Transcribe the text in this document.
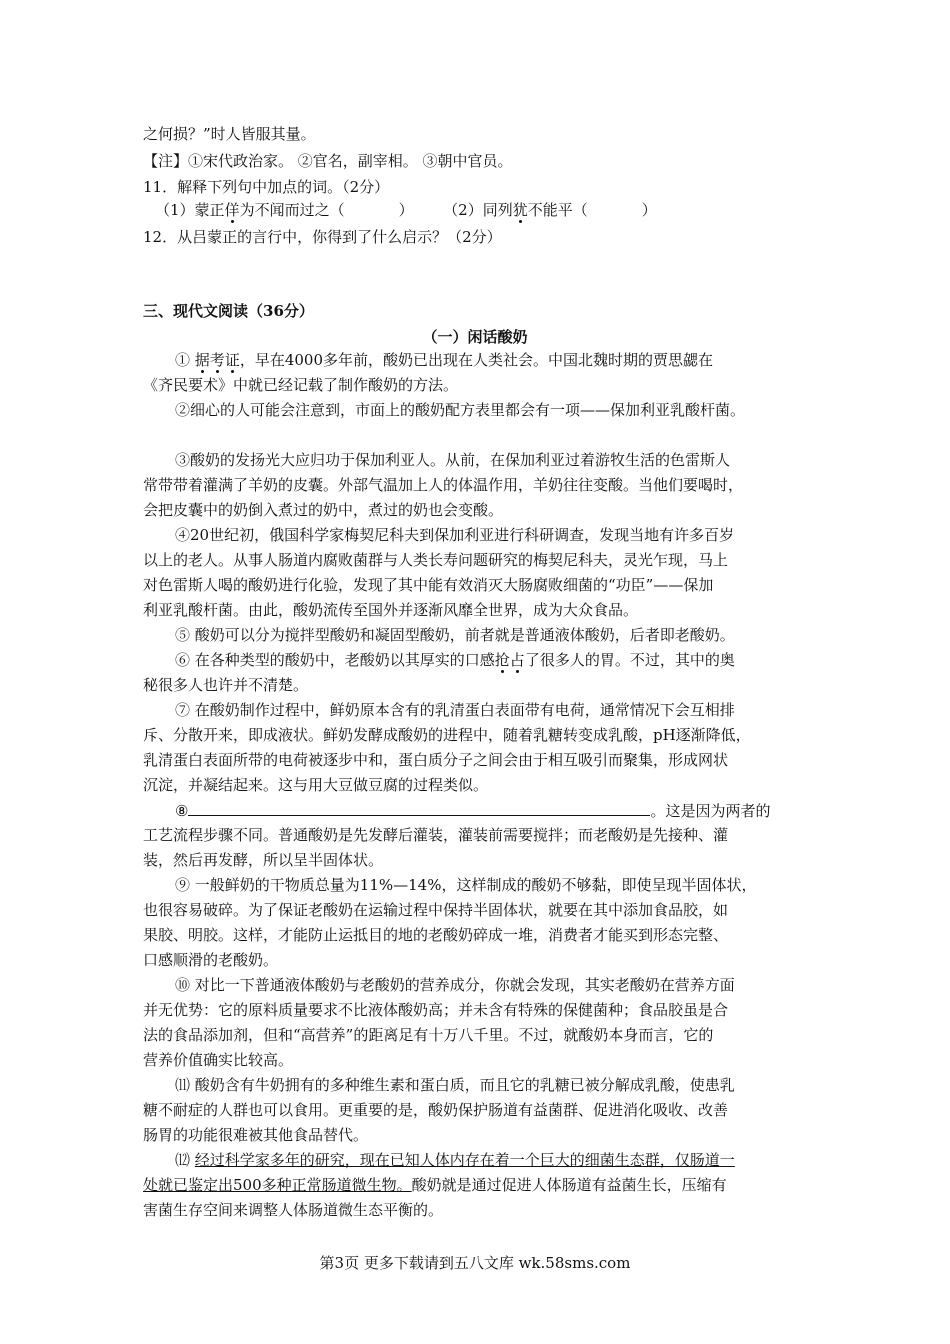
之何损？”时人皆服其量。
【注】①宋代政治家。 ②官名，副宰相。 ③朝中官员。
11．解释下列句中加点的词。（2分）
（1）蒙正佯为不闻而过之（	） （2）同列犹不能平（	）
12．从吕蒙正的言行中，你得到了什么启示？（2分）
三、现代文阅读（36分）
（一）闲话酸奶
① 据考证，早在4000多年前，酸奶已出现在人类社会。中国北魏时期的贾思勰在
《齐民要术》中就已经记载了制作酸奶的方法。
②细心的人可能会注意到，市面上的酸奶配方表里都会有一项——保加利亚乳酸杆菌。
③酸奶的发扬光大应归功于保加利亚人。从前，在保加利亚过着游牧生活的色雷斯人
常带带着灌满了羊奶的皮囊。外部气温加上人的体温作用，羊奶往往变酸。当他们要喝时，
会把皮囊中的奶倒入煮过的奶中，煮过的奶也会变酸。
④20世纪初，俄国科学家梅契尼科夫到保加利亚进行科研调查，发现当地有许多百岁
以上的老人。从事人肠道内腐败菌群与人类长寿问题研究的梅契尼科夫，灵光乍现，马上
对色雷斯人喝的酸奶进行化验，发现了其中能有效消灭大肠腐败细菌的“功臣”——保加
利亚乳酸杆菌。由此，酸奶流传至国外并逐渐风靡全世界，成为大众食品。
⑤ 酸奶可以分为搅拌型酸奶和凝固型酸奶，前者就是普通液体酸奶，后者即老酸奶。
⑥ 在各种类型的酸奶中，老酸奶以其厚实的口感抢占了很多人的胃。不过，其中的奥
秘很多人也许并不清楚。
⑦ 在酸奶制作过程中，鲜奶原本含有的乳清蛋白表面带有电荷，通常情况下会互相排
斥、分散开来，即成液状。鲜奶发酵成酸奶的进程中，随着乳糖转变成乳酸，pH逐渐降低，
乳清蛋白表面所带的电荷被逐步中和，蛋白质分子之间会由于相互吸引而聚集，形成网状
沉淀，并凝结起来。这与用大豆做豆腐的过程类似。
⑧	。这是因为两者的
工艺流程步骤不同。普通酸奶是先发酵后灌装，灌装前需要搅拌；而老酸奶是先接种、灌
装，然后再发酵，所以呈半固体状。
⑨ 一般鲜奶的干物质总量为11%—14%，这样制成的酸奶不够黏，即使呈现半固体状，
也很容易破碎。为了保证老酸奶在运输过程中保持半固体状，就要在其中添加食品胶，如
果胶、明胶。这样，才能防止运抵目的地的老酸奶碎成一堆，消费者才能买到形态完整、
口感顺滑的老酸奶。
⑩ 对比一下普通液体酸奶与老酸奶的营养成分，你就会发现，其实老酸奶在营养方面
并无优势：它的原料质量要求不比液体酸奶高；并未含有特殊的保健菌种；食品胶虽是合
法的食品添加剂，但和“高营养”的距离足有十万八千里。不过，就酸奶本身而言，它的
营养价值确实比较高。
⑾ 酸奶含有牛奶拥有的多种维生素和蛋白质，而且它的乳糖已被分解成乳酸，使患乳
糖不耐症的人群也可以食用。更重要的是，酸奶保护肠道有益菌群、促进消化吸收、改善
肠胃的功能很难被其他食品替代。
⑿ 经过科学家多年的研究，现在已知人体内存在着一个巨大的细菌生态群，仅肠道一
处就已鉴定出500多种正常肠道微生物。酸奶就是通过促进人体肠道有益菌生长，压缩有
害菌生存空间来调整人体肠道微生态平衡的。
第3页 更多下载请到五八文库 wk.58sms.com
